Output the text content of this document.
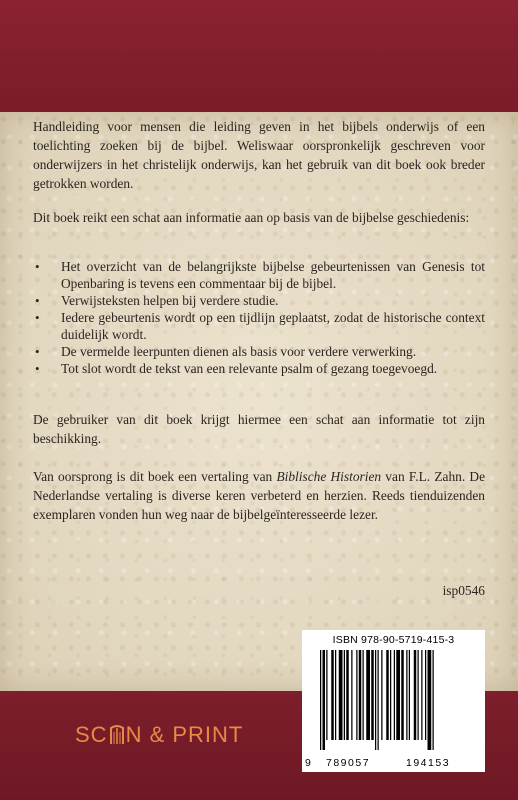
Handleiding voor mensen die leiding geven in het bijbels onderwijs of een toelichting zoeken bij de bijbel. Weliswaar oorspronkelijk geschreven voor onderwijzers in het christelijk onderwijs, kan het gebruik van dit boek ook breder getrokken worden.
Dit boek reikt een schat aan informatie aan op basis van de bijbelse geschiedenis:
• Het overzicht van de belangrijkste bijbelse gebeurtenissen van Genesis tot Openbaring is tevens een commentaar bij de bijbel.
• Verwijsteksten helpen bij verdere studie.
• Iedere gebeurtenis wordt op een tijdlijn geplaatst, zodat de historische context duidelijk wordt.
• De vermelde leerpunten dienen als basis voor verdere verwerking.
• Tot slot wordt de tekst van een relevante psalm of gezang toegevoegd.
De gebruiker van dit boek krijgt hiermee een schat aan informatie tot zijn beschikking.
Van oorsprong is dit boek een vertaling van Biblische Historien van F.L. Zahn. De Nederlandse vertaling is diverse keren verbeterd en herzien. Reeds tienduizenden exemplaren vonden hun weg naar de bijbelgeïnteresseerde lezer.
isp0546
ISBN 978-90-5719-415-3
9 789057	194153
SC N & PRINT
